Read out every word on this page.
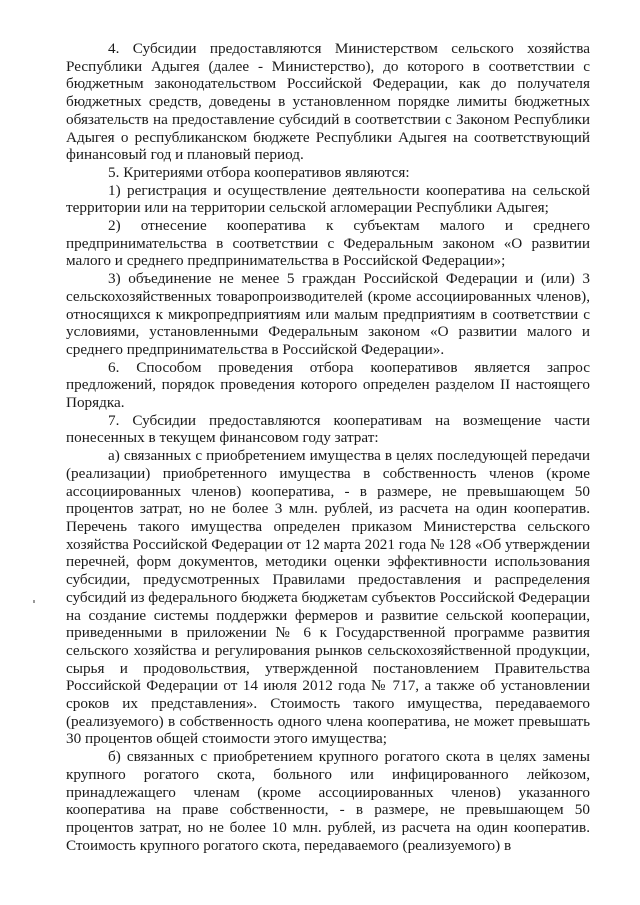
4. Субсидии предоставляются Министерством сельского хозяйства Республики Адыгея (далее - Министерство), до которого в соответствии с бюджетным законодательством Российской Федерации, как до получателя бюджетных средств, доведены в установленном порядке лимиты бюджетных обязательств на предоставление субсидий в соответствии с Законом Республики Адыгея о республиканском бюджете Республики Адыгея на соответствующий финансовый год и плановый период.

5. Критериями отбора кооперативов являются:

1) регистрация и осуществление деятельности кооператива на сельской территории или на территории сельской агломерации Республики Адыгея;

2) отнесение кооператива к субъектам малого и среднего предпринимательства в соответствии с Федеральным законом «О развитии малого и среднего предпринимательства в Российской Федерации»;

3) объединение не менее 5 граждан Российской Федерации и (или) 3 сельскохозяйственных товаропроизводителей (кроме ассоциированных членов), относящихся к микропредприятиям или малым предприятиям в соответствии с условиями, установленными Федеральным законом «О развитии малого и среднего предпринимательства в Российской Федерации».

6. Способом проведения отбора кооперативов является запрос предложений, порядок проведения которого определен разделом II настоящего Порядка.

7. Субсидии предоставляются кооперативам на возмещение части понесенных в текущем финансовом году затрат:

а) связанных с приобретением имущества в целях последующей передачи (реализации) приобретенного имущества в собственность членов (кроме ассоциированных членов) кооператива, - в размере, не превышающем 50 процентов затрат, но не более 3 млн. рублей, из расчета на один кооператив. Перечень такого имущества определен приказом Министерства сельского хозяйства Российской Федерации от 12 марта 2021 года № 128 «Об утверждении перечней, форм документов, методики оценки эффективности использования субсидии, предусмотренных Правилами предоставления и распределения субсидий из федерального бюджета бюджетам субъектов Российской Федерации на создание системы поддержки фермеров и развитие сельской кооперации, приведенными в приложении № 6 к Государственной программе развития сельского хозяйства и регулирования рынков сельскохозяйственной продукции, сырья и продовольствия, утвержденной постановлением Правительства Российской Федерации от 14 июля 2012 года № 717, а также об установлении сроков их представления». Стоимость такого имущества, передаваемого (реализуемого) в собственность одного члена кооператива, не может превышать 30 процентов общей стоимости этого имущества;

б) связанных с приобретением крупного рогатого скота в целях замены крупного рогатого скота, больного или инфицированного лейкозом, принадлежащего членам (кроме ассоциированных членов) указанного кооператива на праве собственности, - в размере, не превышающем 50 процентов затрат, но не более 10 млн. рублей, из расчета на один кооператив. Стоимость крупного рогатого скота, передаваемого (реализуемого) в
